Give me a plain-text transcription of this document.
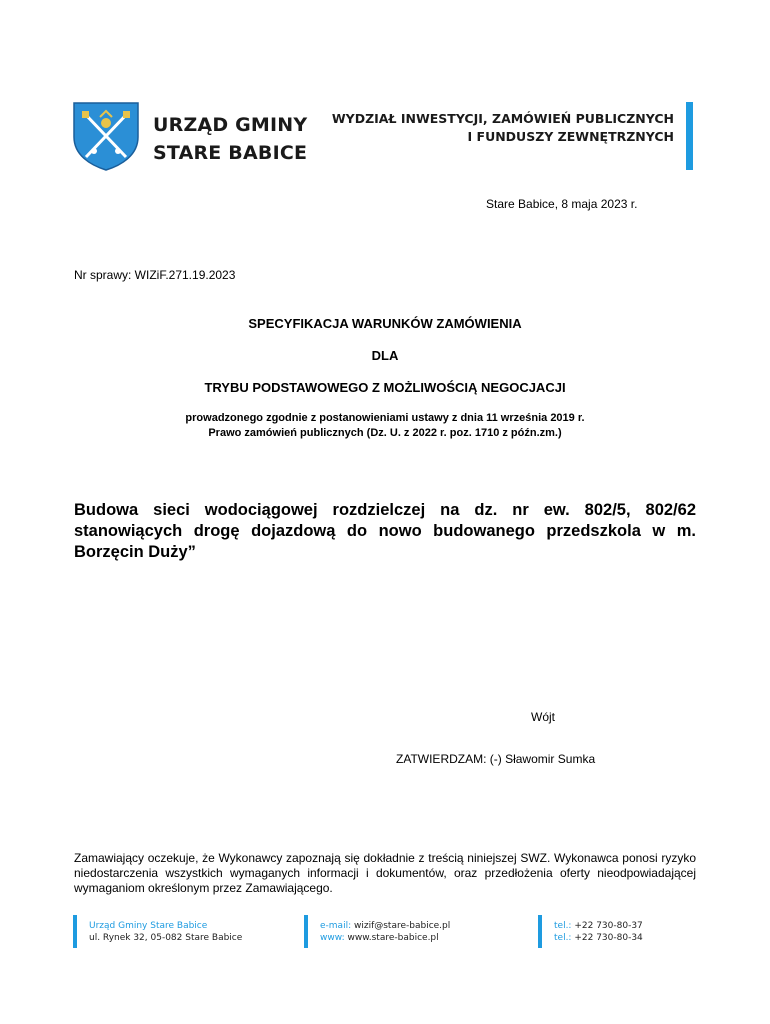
URZĄD GMINY
STARE BABICE
WYDZIAŁ INWESTYCJI, ZAMÓWIEŃ PUBLICZNYCH
I FUNDUSZY ZEWNĘTRZNYCH
Stare Babice, 8 maja 2023 r.
Nr sprawy: WIZiF.271.19.2023
SPECYFIKACJA WARUNKÓW ZAMÓWIENIA
DLA
TRYBU PODSTAWOWEGO Z MOŻLIWOŚCIĄ NEGOCJACJI
prowadzonego zgodnie z postanowieniami ustawy z dnia 11 września 2019 r.
Prawo zamówień publicznych (Dz. U. z 2022 r. poz. 1710 z późn.zm.)
Budowa sieci wodociągowej rozdzielczej na dz. nr ew. 802/5, 802/62 stanowiących drogę dojazdową do nowo budowanego przedszkola w m. Borzęcin Duży”
Wójt
ZATWIERDZAM: (-) Sławomir Sumka
Zamawiający oczekuje, że Wykonawcy zapoznają się dokładnie z treścią niniejszej SWZ. Wykonawca ponosi ryzyko niedostarczenia wszystkich wymaganych informacji i dokumentów, oraz przedłożenia oferty nieodpowiadającej wymaganiom określonym przez Zamawiającego.
Urząd Gminy Stare Babice
ul. Rynek 32, 05-082 Stare Babice
e-mail: wizif@stare-babice.pl
www: www.stare-babice.pl
tel.: +22 730-80-37
tel.: +22 730-80-34
